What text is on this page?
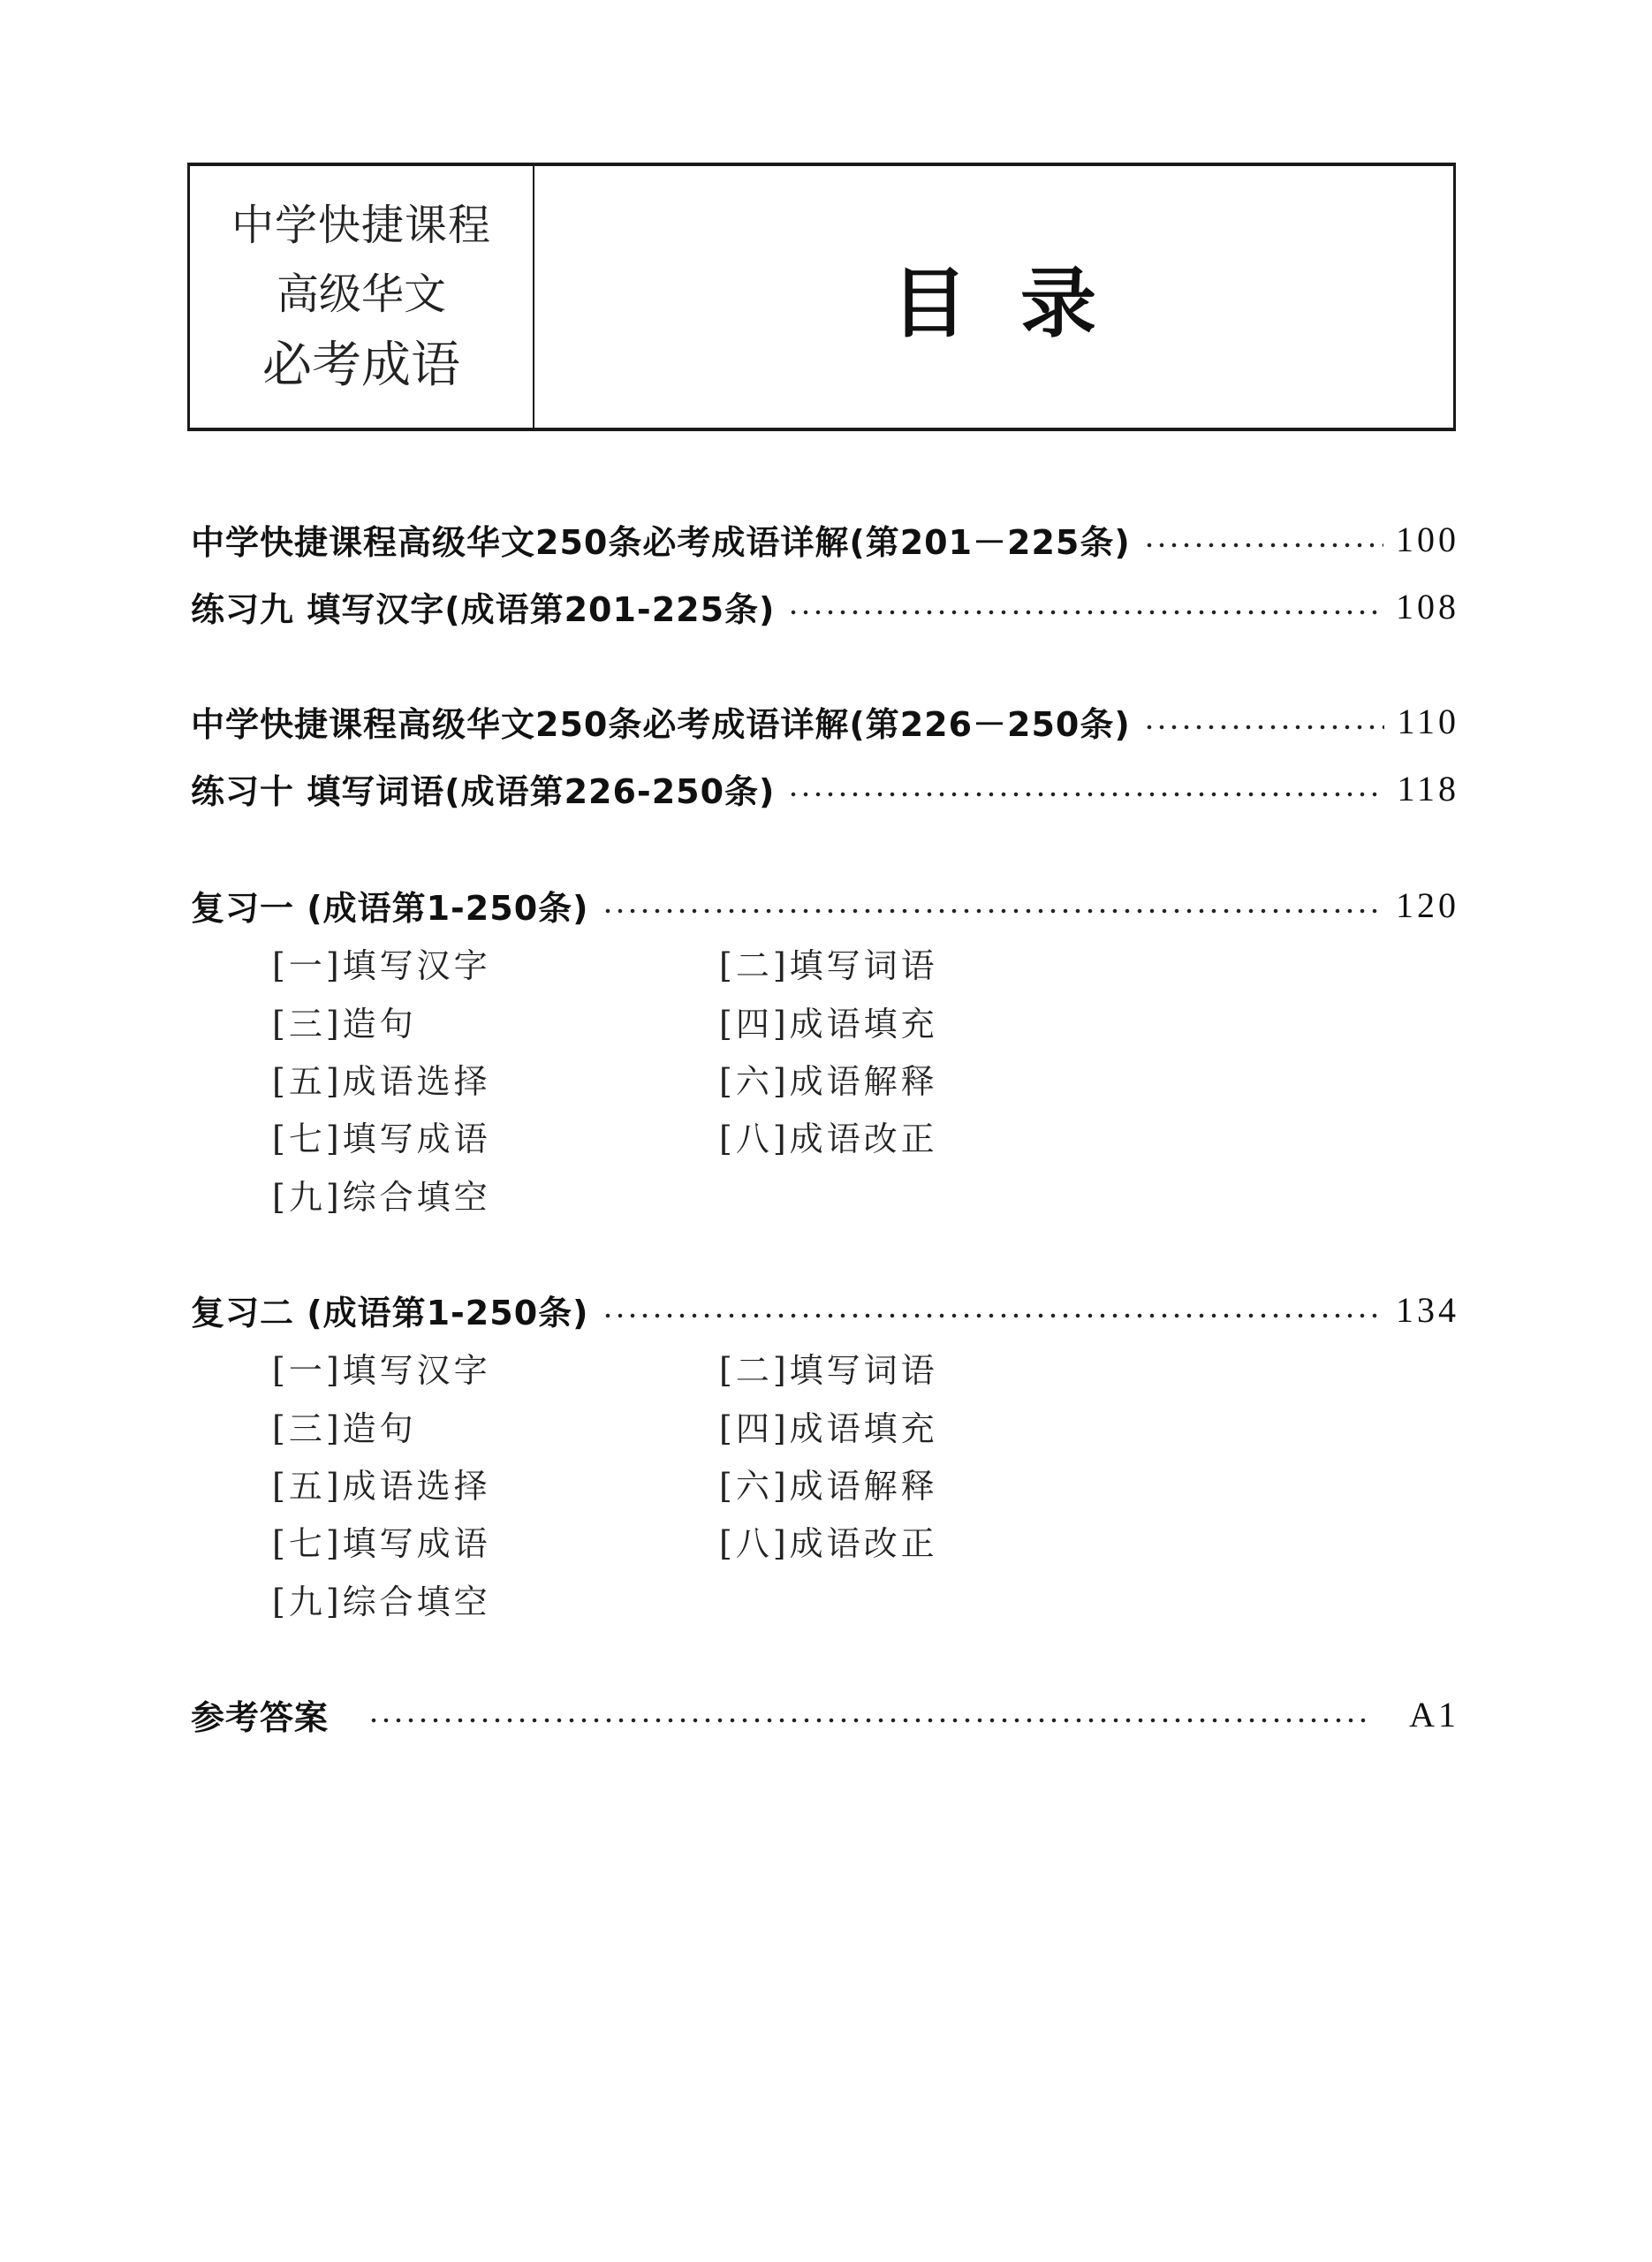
中学快捷课程
高级华文
必考成语
目录
中学快捷课程高级华文250条必考成语详解(第201－225条)	100
练习九 填写汉字(成语第201-225条)	108
中学快捷课程高级华文250条必考成语详解(第226－250条)	110
练习十 填写词语(成语第226-250条)	118
复习一 (成语第1-250条)	120
[一]填写汉字	[二]填写词语
[三]造句	[四]成语填充
[五]成语选择	[六]成语解释
[七]填写成语	[八]成语改正
[九]综合填空
复习二 (成语第1-250条)	134
[一]填写汉字	[二]填写词语
[三]造句	[四]成语填充
[五]成语选择	[六]成语解释
[七]填写成语	[八]成语改正
[九]综合填空
参考答案	A1
